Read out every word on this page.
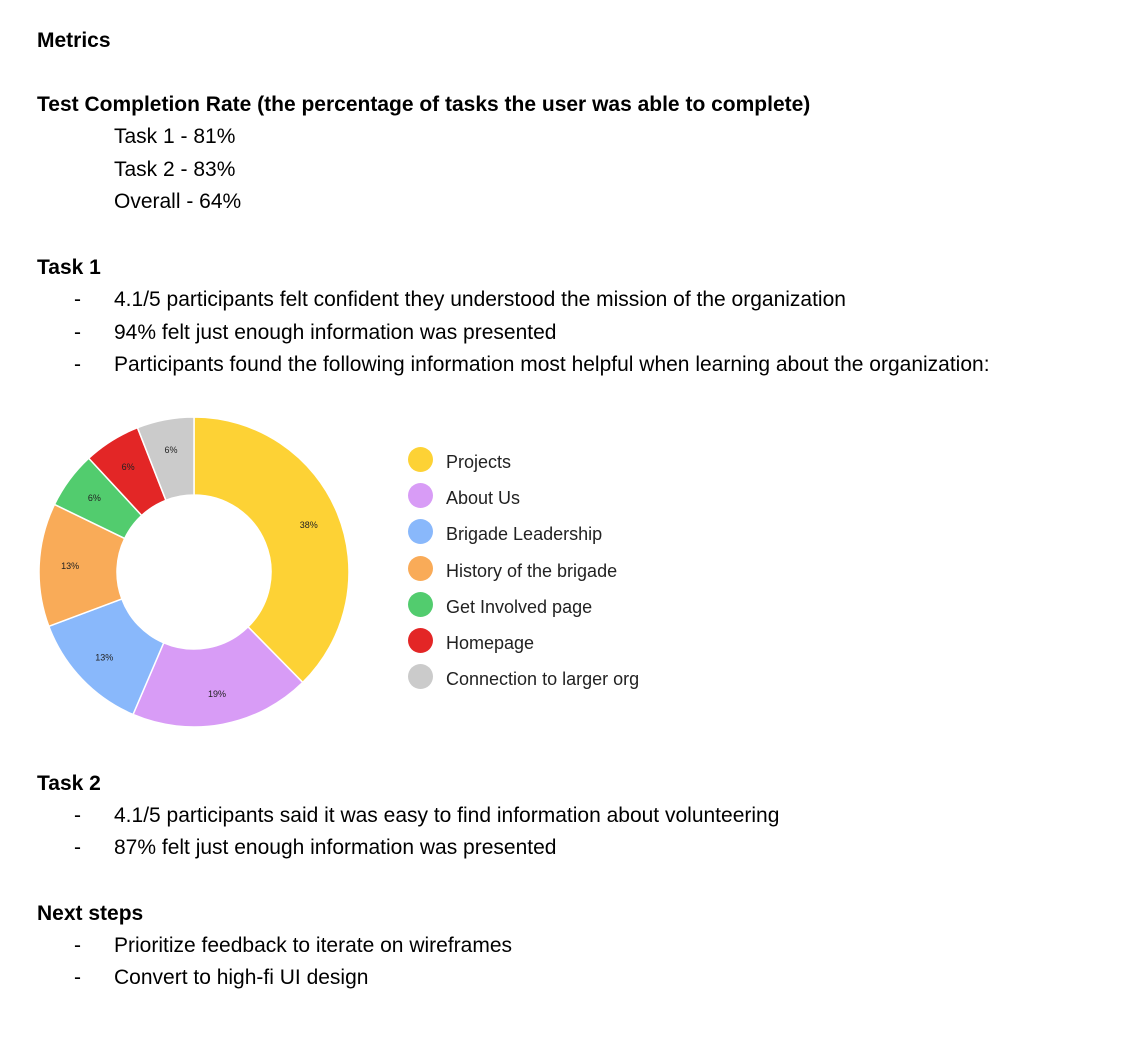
Metrics
Test Completion Rate (the percentage of tasks the user was able to complete)
Task 1 - 81%
Task 2 - 83%
Overall - 64%
Task 1
- 4.1/5 participants felt confident they understood the mission of the organization
- 94% felt just enough information was presented
- Participants found the following information most helpful when learning about the organization:
38%
19%
13%
13%
6%
6%
6%
Projects
About Us
Brigade Leadership
History of the brigade
Get Involved page
Homepage
Connection to larger org
Task 2
- 4.1/5 participants said it was easy to find information about volunteering
- 87% felt just enough information was presented
Next steps
- Prioritize feedback to iterate on wireframes
- Convert to high-fi UI design
